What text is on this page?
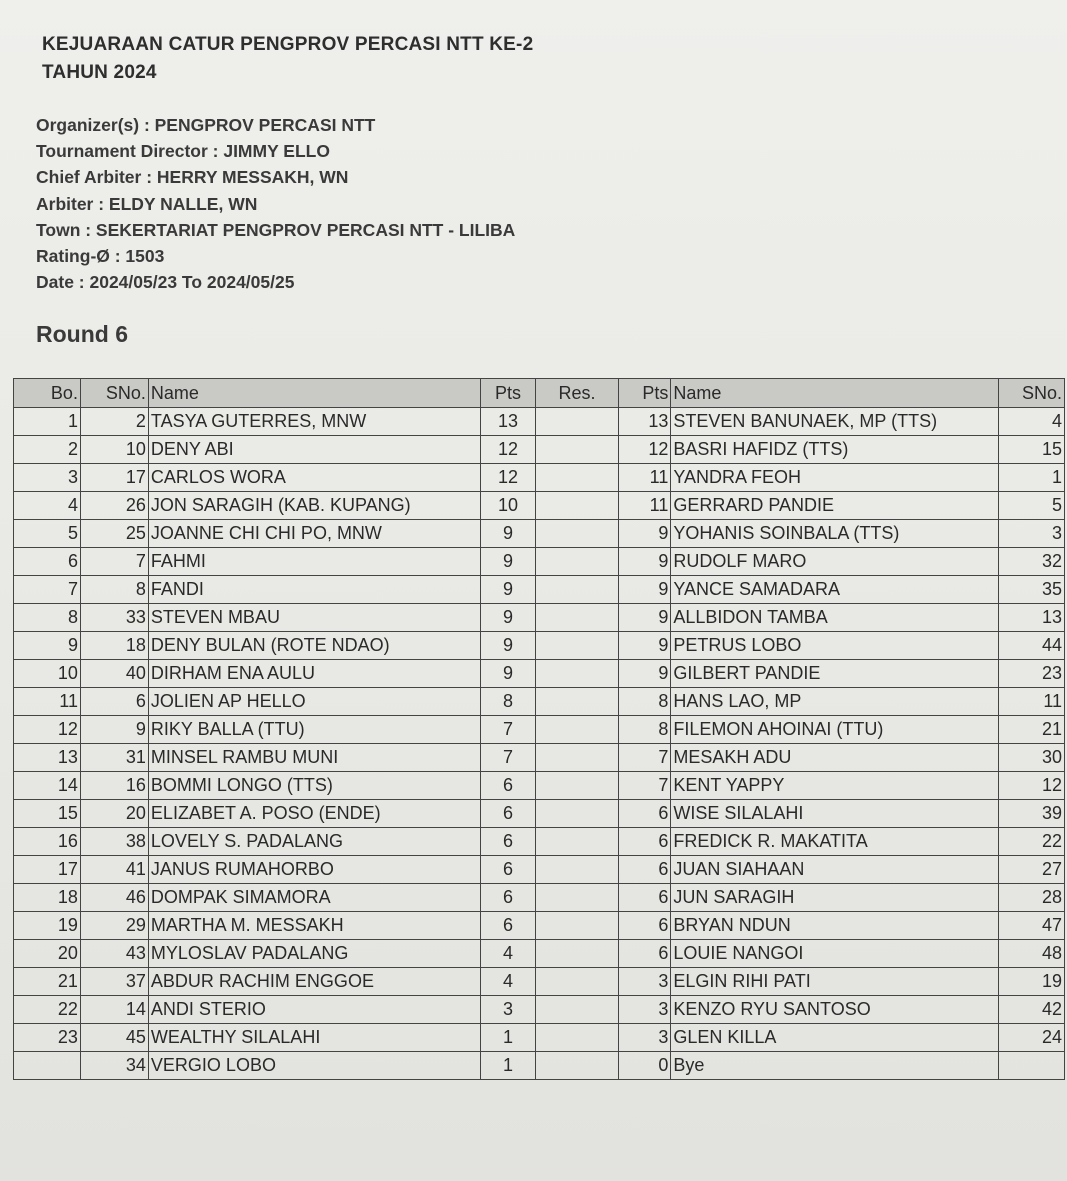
KEJUARAAN CATUR PENGPROV PERCASI NTT KE-2
TAHUN 2024
Organizer(s) : PENGPROV PERCASI NTT
Tournament Director : JIMMY ELLO
Chief Arbiter : HERRY MESSAKH, WN
Arbiter : ELDY NALLE, WN
Town : SEKERTARIAT PENGPROV PERCASI NTT - LILIBA
Rating-Ø : 1503
Date : 2024/05/23 To 2024/05/25
Round 6
Bo.	SNo.	Name	Pts	Res.	Pts	Name	SNo.
1	2	TASYA GUTERRES, MNW	13		13	STEVEN BANUNAEK, MP (TTS)	4
2	10	DENY ABI	12		12	BASRI HAFIDZ (TTS)	15
3	17	CARLOS WORA	12		11	YANDRA FEOH	1
4	26	JON SARAGIH (KAB. KUPANG)	10		11	GERRARD PANDIE	5
5	25	JOANNE CHI CHI PO, MNW	9		9	YOHANIS SOINBALA (TTS)	3
6	7	FAHMI	9		9	RUDOLF MARO	32
7	8	FANDI	9		9	YANCE SAMADARA	35
8	33	STEVEN MBAU	9		9	ALLBIDON TAMBA	13
9	18	DENY BULAN (ROTE NDAO)	9		9	PETRUS LOBO	44
10	40	DIRHAM ENA AULU	9		9	GILBERT PANDIE	23
11	6	JOLIEN AP HELLO	8		8	HANS LAO, MP	11
12	9	RIKY BALLA (TTU)	7		8	FILEMON AHOINAI (TTU)	21
13	31	MINSEL RAMBU MUNI	7		7	MESAKH ADU	30
14	16	BOMMI LONGO (TTS)	6		7	KENT YAPPY	12
15	20	ELIZABET A. POSO (ENDE)	6		6	WISE SILALAHI	39
16	38	LOVELY S. PADALANG	6		6	FREDICK R. MAKATITA	22
17	41	JANUS RUMAHORBO	6		6	JUAN SIAHAAN	27
18	46	DOMPAK SIMAMORA	6		6	JUN SARAGIH	28
19	29	MARTHA M. MESSAKH	6		6	BRYAN NDUN	47
20	43	MYLOSLAV PADALANG	4		6	LOUIE NANGOI	48
21	37	ABDUR RACHIM ENGGOE	4		3	ELGIN RIHI PATI	19
22	14	ANDI STERIO	3		3	KENZO RYU SANTOSO	42
23	45	WEALTHY SILALAHI	1		3	GLEN KILLA	24
	34	VERGIO LOBO	1		0	Bye	
